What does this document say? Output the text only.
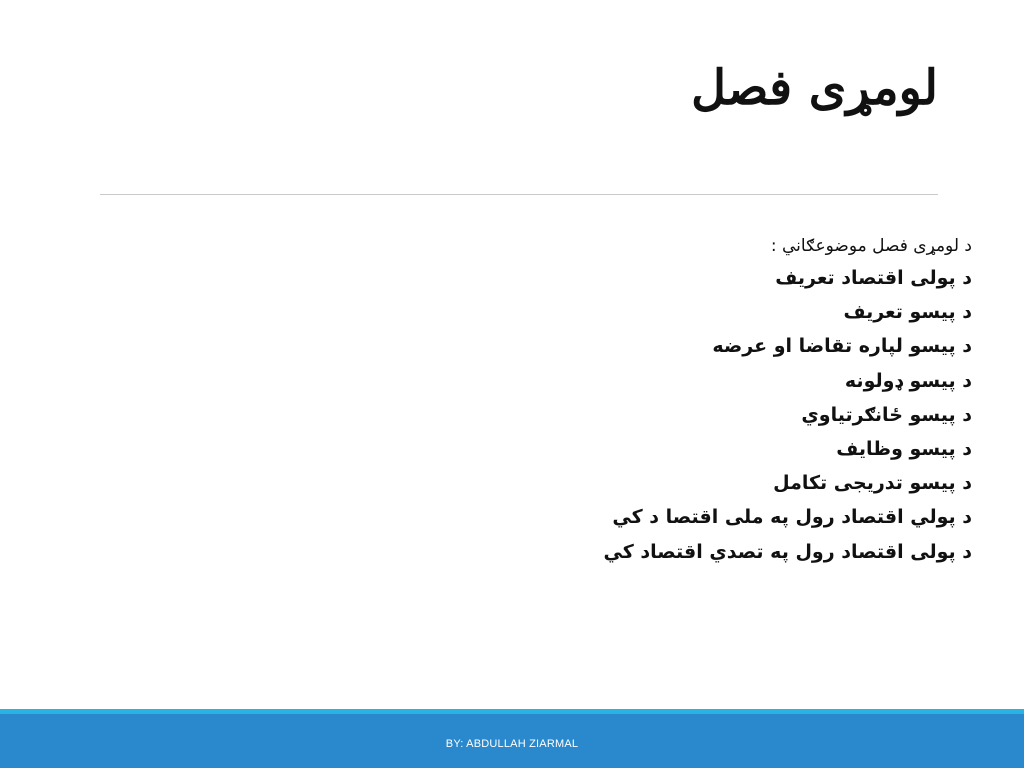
لومړی فصل
د لومړی فصل موضوعګاني :
د پولی اقتصاد تعریف
د پیسو تعریف
د پیسو لپاره تقاضا او عرضه
د پیسو ډولونه
د پیسو ځانګرتیاوي
د پیسو وظایف
د پیسو تدریجی تکامل
د پولي اقتصاد رول په ملی اقتصا د کي
د پولی اقتصاد رول په تصدي اقتصاد کي
BY: ABDULLAH ZIARMAL
